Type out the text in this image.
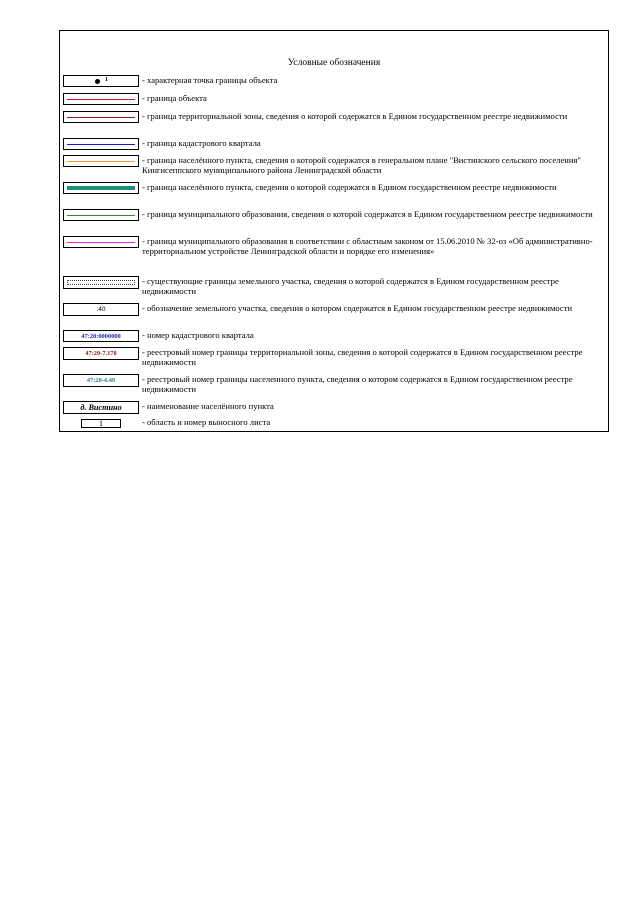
Условные обозначения
1	- характерная точка границы объекта
- граница объекта
- граница территориальной зоны, сведения о которой содержатся в Едином государственном реестре недвижимости
- граница кадастрового квартала
- граница населённого пункта, сведения о которой содержатся в генеральном плане "Вистинского сельского поселения" Кингисеппского муниципального района Ленинградской области
- граница населённого пункта, сведения о которой содержатся в Едином государственном реестре недвижимости
- граница муниципального образования, сведения о которой содержатся в Едином государственном реестре недвижимости
- граница муниципального образования в соответствии с областным законом от 15.06.2010 № 32-оз «Об административно-территориальном устройстве Ленинградской области и порядке его изменения»
- существующие границы земельного участка, сведения о которой содержатся в Едином государственном реестре недвижимости
:40	- обозначение земельного участка, сведения о котором содержатся в Едином государственном реестре недвижимости
47:20:0000000	- номер кадастрового квартала
47:20-7.178	- реестровый номер границы территориальной зоны, сведения о которой содержатся в Едином государственном реестре недвижимости
47:20-4.49	- реестровый номер границы населенного пункта, сведения о котором содержатся в Едином государственном реестре недвижимости
д. Вистино	- наименование населённого пункта
1	- область и номер выносного листа
